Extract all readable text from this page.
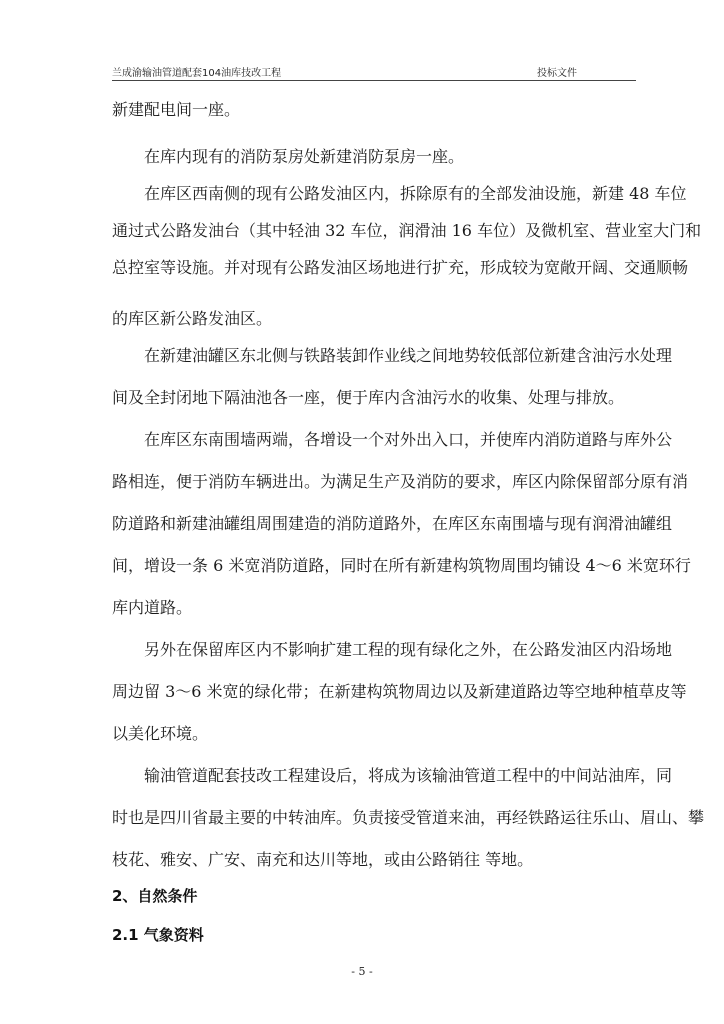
兰成渝输油管道配套104油库技改工程	投标文件
新建配电间一座。
在库内现有的消防泵房处新建消防泵房一座。
在库区西南侧的现有公路发油区内，拆除原有的全部发油设施，新建 48 车位
通过式公路发油台（其中轻油 32 车位，润滑油 16 车位）及微机室、营业室大门和
总控室等设施。并对现有公路发油区场地进行扩充，形成较为宽敞开阔、交通顺畅
的库区新公路发油区。
在新建油罐区东北侧与铁路装卸作业线之间地势较低部位新建含油污水处理
间及全封闭地下隔油池各一座，便于库内含油污水的收集、处理与排放。
在库区东南围墙两端，各增设一个对外出入口，并使库内消防道路与库外公
路相连，便于消防车辆进出。为满足生产及消防的要求，库区内除保留部分原有消
防道路和新建油罐组周围建造的消防道路外，在库区东南围墙与现有润滑油罐组
间，增设一条 6 米宽消防道路，同时在所有新建构筑物周围均铺设 4～6 米宽环行
库内道路。
另外在保留库区内不影响扩建工程的现有绿化之外，在公路发油区内沿场地
周边留 3～6 米宽的绿化带；在新建构筑物周边以及新建道路边等空地种植草皮等
以美化环境。
输油管道配套技改工程建设后，将成为该输油管道工程中的中间站油库，同
时也是四川省最主要的中转油库。负责接受管道来油，再经铁路运往乐山、眉山、攀
枝花、雅安、广安、南充和达川等地，或由公路销往 等地。
2、自然条件
2.1 气象资料
- 5 -
